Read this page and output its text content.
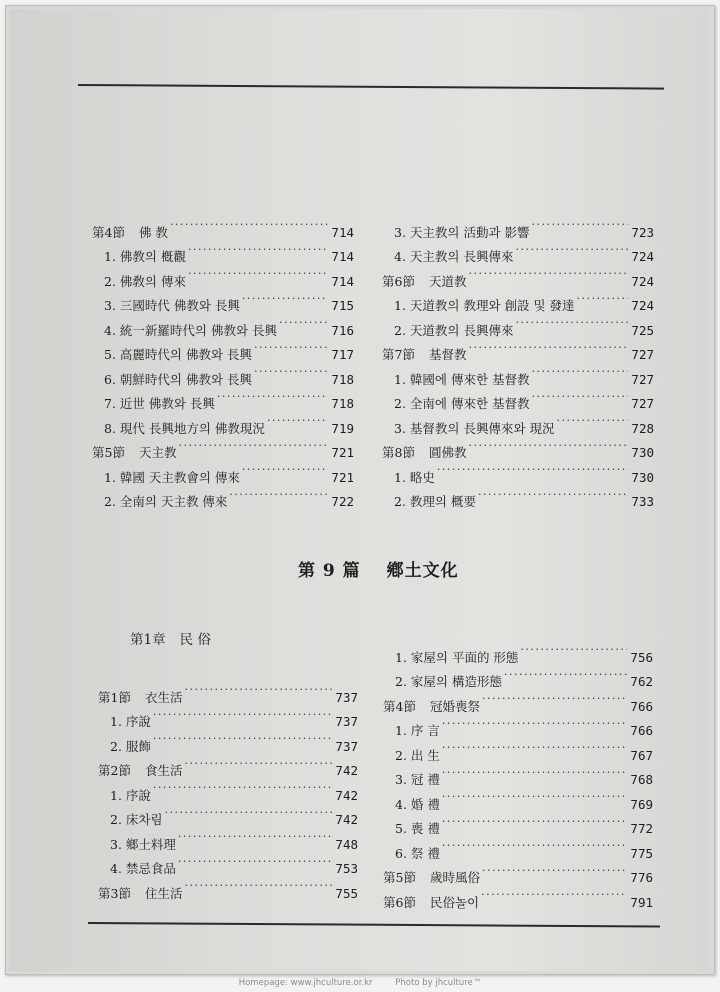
第4節 佛 教 .....	714
1. 佛教의 槪觀 .....	714
2. 佛敎의 傳來 .....	714
3. 三國時代 佛教와 長興 .....	715
4. 統一新羅時代의 佛教와 長興 .....	716
5. 高麗時代의 佛教와 長興 .....	717
6. 朝鮮時代의 佛教와 長興 .....	718
7. 近世 佛教와 長興 .....	718
8. 現代 長興地方의 佛教現況 .....	719
第5節 天主教 .....	721
1. 韓國 天主教會의 傳來 .....	721
2. 全南의 天主教 傳來 .....	722
3. 天主教의 活動과 影響 .....	723
4. 天主教의 長興傳來 .....	724
第6節 天道教 .....	724
1. 天道教의 教理와 創設 및 發達 .....	724
2. 天道教의 長興傳來 .....	725
第7節 基督教 .....	727
1. 韓國에 傳來한 基督教 .....	727
2. 全南에 傳來한 基督教 .....	727
3. 基督教의 長興傳來와 現況 .....	728
第8節 圓佛教 .....	730
1. 略史 .....	730
2. 教理의 概要 .....	733
第 9 篇 鄕土文化
第1章 民 俗
第1節 衣生活 .....	737
1. 序說 .....	737
2. 服飾 .....	737
第2節 食生活 .....	742
1. 序說 .....	742
2. 床차림 .....	742
3. 鄉土料理 .....	748
4. 禁忌食品 .....	753
第3節 住生活 .....	755
1. 家屋의 平面的 形態 .....	756
2. 家屋의 構造形態 .....	762
第4節 冠婚喪祭 .....	766
1. 序 言 .....	766
2. 出 生 .....	767
3. 冠 禮 .....	768
4. 婚 禮 .....	769
5. 喪 禮 .....	772
6. 祭 禮 .....	775
第5節 歲時風俗 .....	776
第6節 民俗놀이 .....	791
Homepage: www.jhculture.or.kr	Photo by jhculture™
